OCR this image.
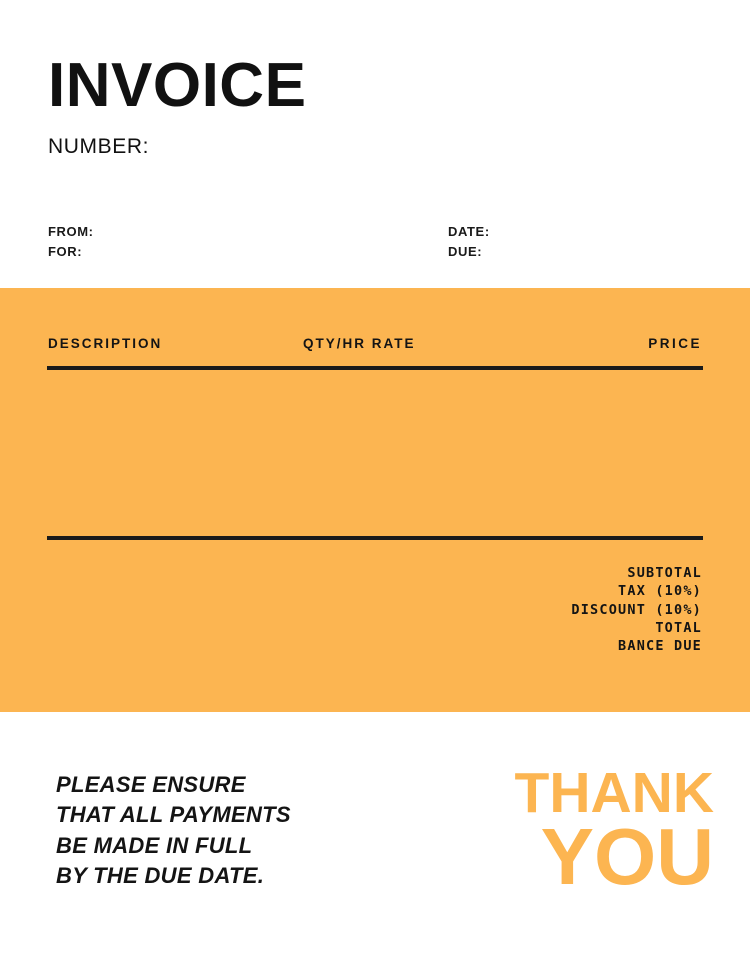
INVOICE
NUMBER:
FROM:
FOR:
DATE:
DUE:
DESCRIPTION	QTY/HR RATE	PRICE
SUBTOTAL
TAX (10%)
DISCOUNT (10%)
TOTAL
BANCE DUE
PLEASE ENSURE
THAT ALL PAYMENTS
BE MADE IN FULL
BY THE DUE DATE.
THANK
YOU
